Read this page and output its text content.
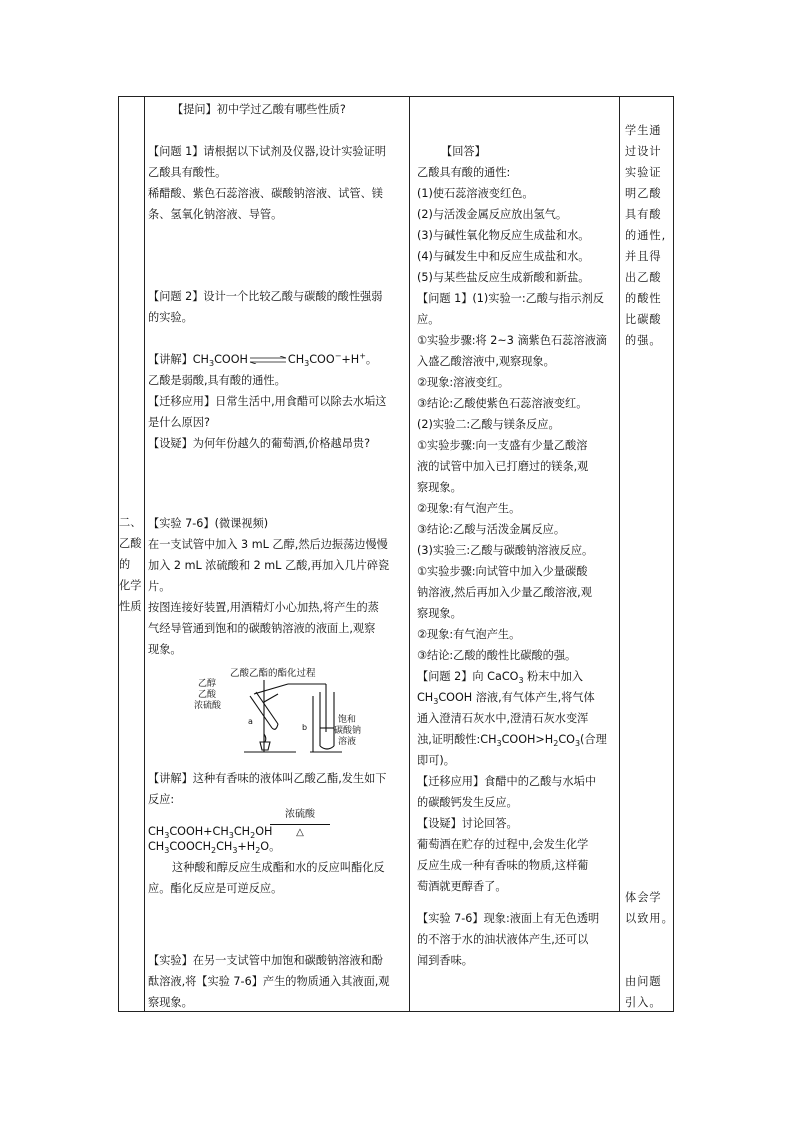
二、

乙酸

的

化学

性质

【提问】初中学过乙酸有哪些性质?

【问题 1】请根据以下试剂及仪器,设计实验证明

乙酸具有酸性。

稀醋酸、紫色石蕊溶液、碳酸钠溶液、试管、镁

条、氢氧化钠溶液、导管。

【问题 2】设计一个比较乙酸与碳酸的酸性强弱

的实验。

【讲解】$CH_3COOH\rightleftharpoons CH_3COO^-+H^+$。

乙酸是弱酸,具有酸的通性。

【迁移应用】日常生活中,用食醋可以除去水垢这

是什么原因?

【设疑】为何年份越久的葡萄酒,价格越昂贵?

【实验 7-6】(微课视频)

在一支试管中加入 3 mL 乙醇,然后边振荡边慢慢

加入 2 mL 浓硫酸和 2 mL 乙酸,再加入几片碎瓷片。

按图连接好装置,用酒精灯小心加热,将产生的蒸

气经导管通到饱和的碳酸钠溶液的液面上,观察

现象。

乙酸乙酯的酯化过程
乙醇
乙酸
浓硫酸
a
b
饱和
碳酸钠
溶液

【讲解】这种有香味的液体叫乙酸乙酯,发生如下

反应:

$CH_3COOH+CH_3CH_2OH$
浓硫酸
△

$CH_3COOCH_2CH_3+H_2O$。

这种酸和醇反应生成酯和水的反应叫酯化反

应。酯化反应是可逆反应。

【实验】在另一支试管中加饱和碳酸钠溶液和酚

酞溶液,将【实验 7-6】产生的物质通入其液面,观

察现象。

【回答】

乙酸具有酸的通性:

(1)使石蕊溶液变红色。

(2)与活泼金属反应放出氢气。

(3)与碱性氧化物反应生成盐和水。

(4)与碱发生中和反应生成盐和水。

(5)与某些盐反应生成新酸和新盐。

【问题 1】(1)实验一:乙酸与指示剂反

应。

①实验步骤:将 2~3 滴紫色石蕊溶液滴

入盛乙酸溶液中,观察现象。

②现象:溶液变红。

③结论:乙酸使紫色石蕊溶液变红。

(2)实验二:乙酸与镁条反应。

①实验步骤:向一支盛有少量乙酸溶

液的试管中加入已打磨过的镁条,观

察现象。

②现象:有气泡产生。

③结论:乙酸与活泼金属反应。

(3)实验三:乙酸与碳酸钠溶液反应。

①实验步骤:向试管中加入少量碳酸

钠溶液,然后再加入少量乙酸溶液,观

察现象。

②现象:有气泡产生。

③结论:乙酸的酸性比碳酸的强。

【问题 2】向 CaCO$_3$ 粉末中加入

$CH_3COOH$ 溶液,有气体产生,将气体

通入澄清石灰水中,澄清石灰水变浑

浊,证明酸性$:CH_3COOH>H_2CO_3$(合理

即可)。

【迁移应用】食醋中的乙酸与水垢中

的碳酸钙发生反应。

【设疑】讨论回答。

葡萄酒在贮存的过程中,会发生化学

反应生成一种有香味的物质,这样葡

萄酒就更醇香了。

【实验 7-6】现象:液面上有无色透明

的不溶于水的油状液体产生,还可以

闻到香味。

学生通

过设计

实验证

明乙酸

具有酸

的通性,

并且得

出乙酸

的酸性

比碳酸

的强。

体会学

以致用。

由问题

引入。
